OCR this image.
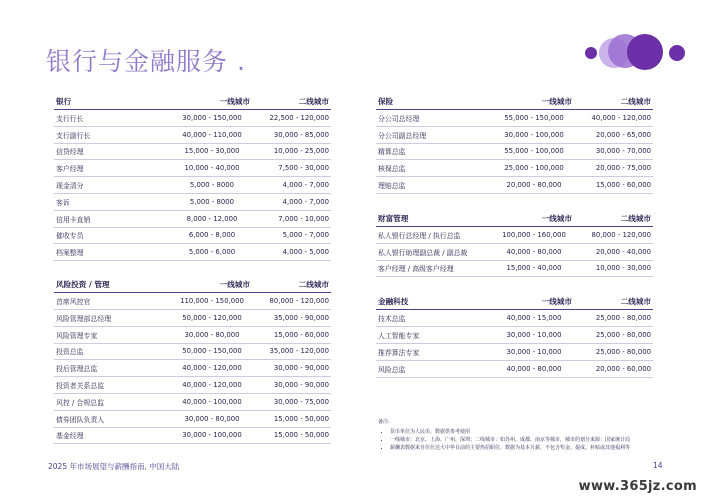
银行与金融服务 .
银行	一线城市	二线城市
支行行长	30,000 - 150,000	22,500 - 120,000
支行副行长	40,000 - 110,000	30,000 - 85,000
信贷经理	15,000 - 30,000	10,000 - 25,000
客户经理	10,000 - 40,000	7,500 - 30,000
现金清分	5,000 - 8000	4,000 - 7,000
客诉	5,000 - 8000	4,000 - 7,000
信用卡直销	8,000 - 12,000	7,000 - 10,000
催收专员	6,000 - 8,000	5,000 - 7,000
档案整理	5,000 - 6,000	4,000 - 5,000
风险投资 / 管理	一线城市	二线城市
首席风控官	110,000 - 150,000	80,000 - 120,000
风险管理部总经理	50,000 - 120,000	35,000 - 90,000
风险管理专家	30,000 - 80,000	15,000 - 60,000
投资总监	50,000 - 150,000	35,000 - 120,000
投后管理总监	40,000 - 120,000	30,000 - 90,000
投资者关系总监	40,000 - 120,000	30,000 - 90,000
风控 / 合规总监	40,000 - 100,000	30,000 - 75,000
债券团队负责人	30,000 - 80,000	15,000 - 50,000
基金经理	30,000 - 100,000	15,000 - 50,000
保险	一线城市	二线城市
分公司总经理	55,000 - 150,000	40,000 - 120,000
分公司副总经理	30,000 - 100,000	20,000 - 65,000
精算总监	55,000 - 100,000	30,000 - 70,000
核保总监	25,000 - 100,000	20,000 - 75,000
理赔总监	20,000 - 80,000	15,000 - 60,000
财富管理	一线城市	二线城市
私人银行总经理 / 执行总监	100,000 - 160,000	80,000 - 120,000
私人银行助理副总裁 / 副总裁	40,000 - 80,000	20,000 - 40,000
客户经理 / 高级客户经理	15,000 - 40,000	10,000 - 30,000
金融科技	一线城市	二线城市
技术总监	40,000 - 15,000	25,000 - 80,000
人工智能专家	30,000 - 10,000	25,000 - 80,000
推荐算法专家	30,000 - 10,000	25,000 - 80,000
风险总监	40,000 - 80,000	20,000 - 60,000
备注:
• 货币单位为人民币，数据供参考使用
• 一线城市：北京、上海、广州、深圳；二线城市：如苏州、成都、南京等城市，城市的划分来源：国家统计局
• 薪酬表数据来自任仕达大中华目前的主要热招职位，数据为基本月薪，不包含奖金、提成、补贴或其他福利等
2025 年市场展望与薪酬指南, 中国大陆	14
www.365jz.com
